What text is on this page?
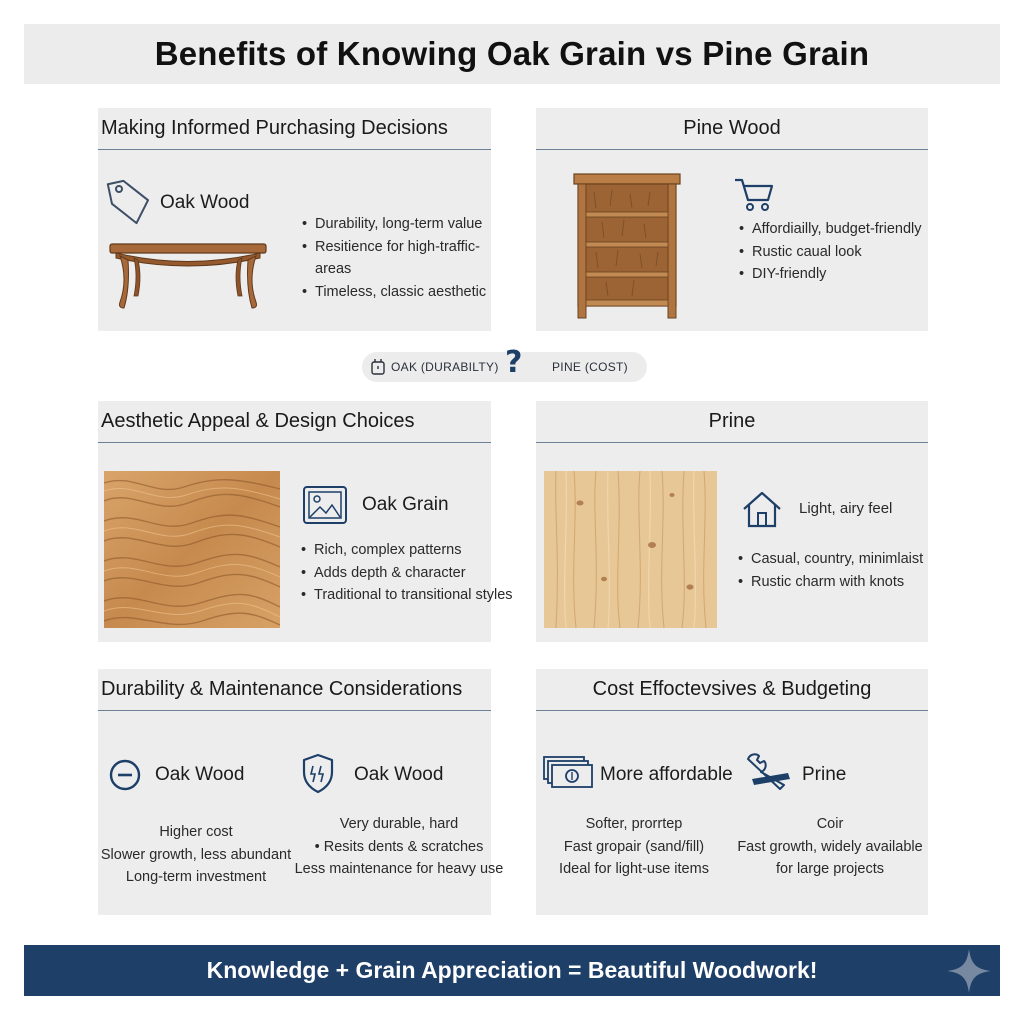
Benefits of Knowing Oak Grain vs Pine Grain
Making Informed Purchasing Decisions
Oak Wood
• Durability, long-term value
• Resitience for high-traffic- areas
• Timeless, classic aesthetic
Pine Wood
• Affordiailly, budget-friendly
• Rustic caual look
• DIY-friendly
OAK (DURABILTY)	PINE (COST)
?
Aesthetic Appeal & Design Choices
Oak Grain
• Rich, complex patterns
• Adds depth & character
• Traditional to transitional styles
Prine
Light, airy feel
• Casual, country, minimlaist
• Rustic charm with knots
Durability & Maintenance Considerations
Oak Wood
Higher cost
Slower growth, less abundant
Long-term investment
Oak Wood
Very durable, hard
• Resits dents & scratches
Less maintenance for heavy use
Cost Effoctevsives & Budgeting
More affordable
Softer, prorrtep
Fast gropair (sand/fill)
Ideal for light-use items
Prine
Coir
Fast growth, widely available
for large projects
Knowledge + Grain Appreciation = Beautiful Woodwork!
